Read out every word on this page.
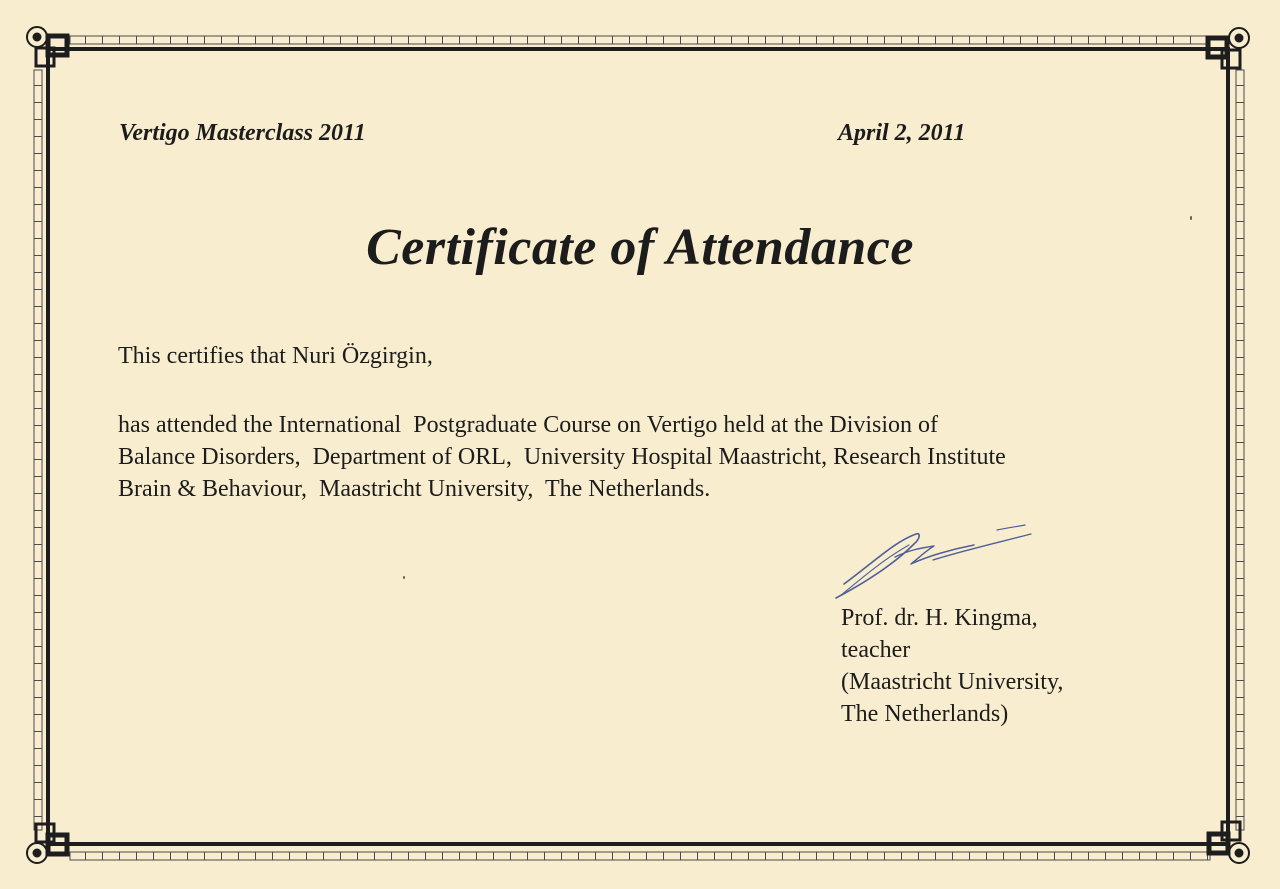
Vertigo Masterclass 2011	April 2, 2011
Certificate of Attendance
This certifies that Nuri Özgirgin,
has attended the International  Postgraduate Course on Vertigo held at the Division of
Balance Disorders,  Department of ORL,  University Hospital Maastricht, Research Institute
Brain & Behaviour,  Maastricht University,  The Netherlands.
Prof. dr. H. Kingma,
teacher
(Maastricht University,
The Netherlands)
